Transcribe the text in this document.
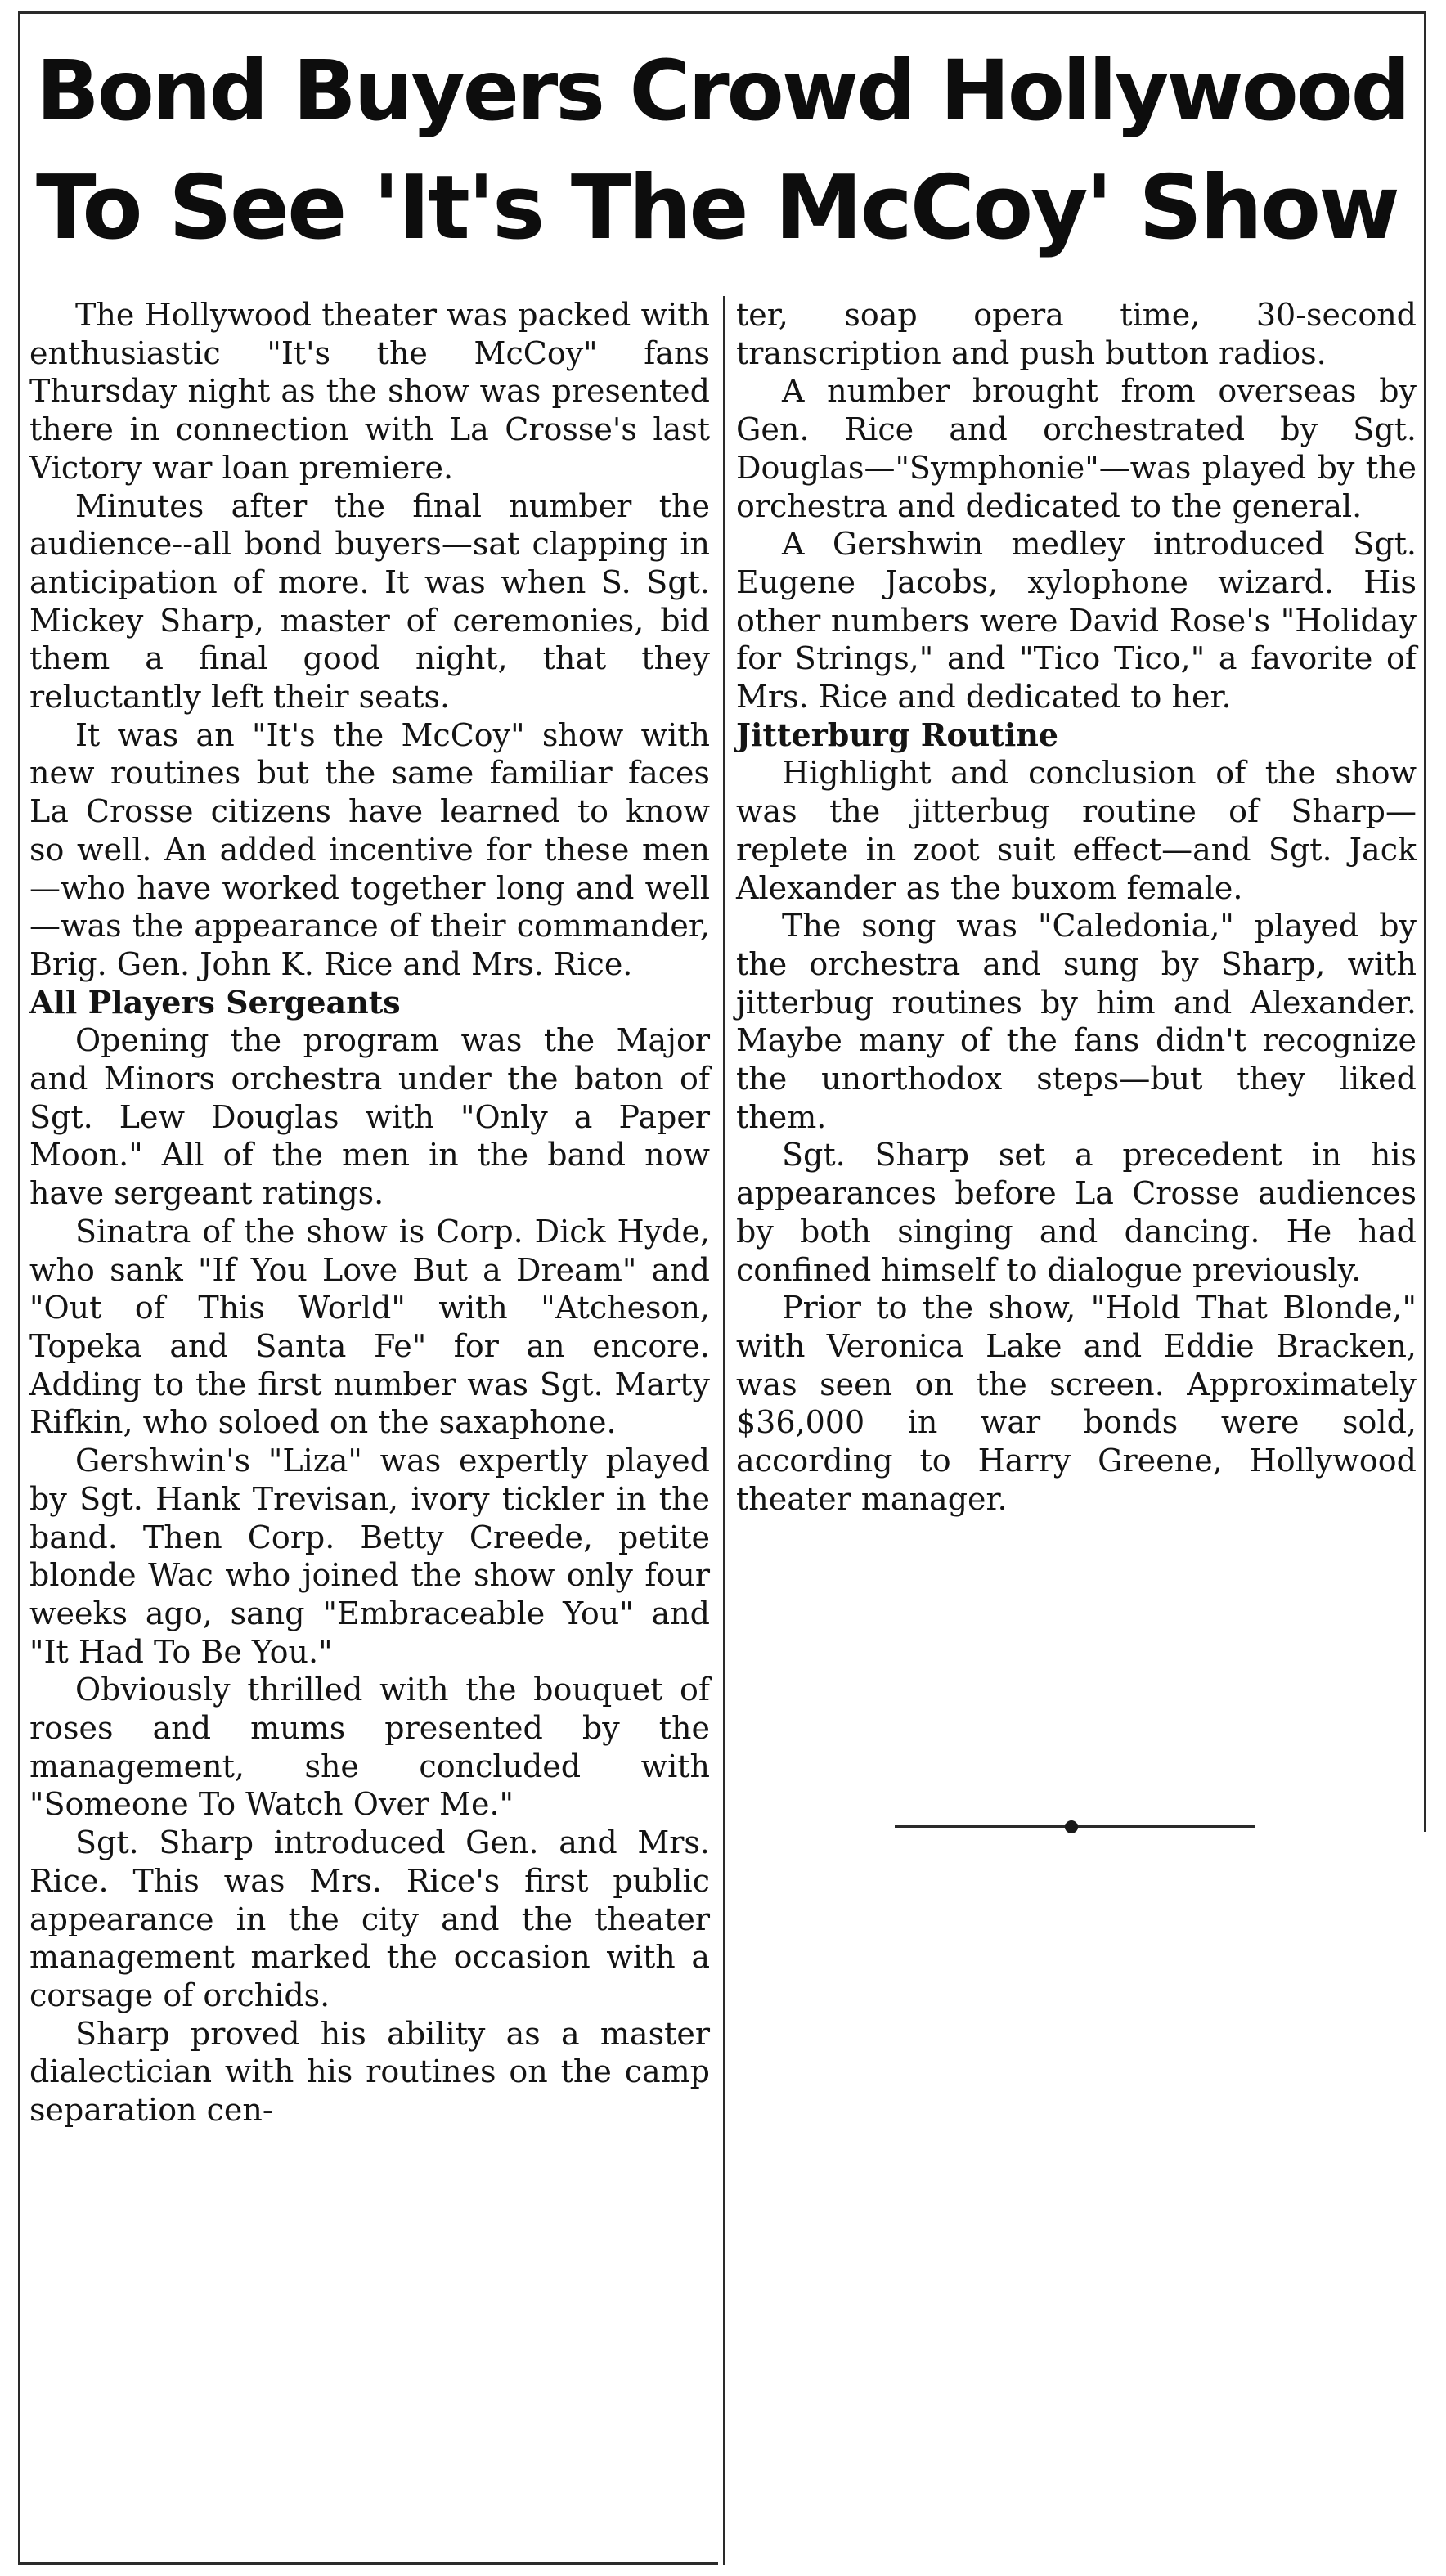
Bond Buyers Crowd Hollywood
To See 'It's The McCoy' Show

The Hollywood theater was packed with enthusiastic "It's the McCoy" fans Thursday night as the show was presented there in connection with La Crosse's last Victory war loan premiere.

Minutes after the final number the audience--all bond buyers—sat clapping in anticipation of more. It was when S. Sgt. Mickey Sharp, master of ceremonies, bid them a final good night, that they reluctantly left their seats.

It was an "It's the McCoy" show with new routines but the same familiar faces La Crosse citizens have learned to know so well. An added incentive for these men—who have worked together long and well—was the appearance of their commander, Brig. Gen. John K. Rice and Mrs. Rice.

All Players Sergeants

Opening the program was the Major and Minors orchestra under the baton of Sgt. Lew Douglas with "Only a Paper Moon." All of the men in the band now have sergeant ratings.

Sinatra of the show is Corp. Dick Hyde, who sank "If You Love But a Dream" and "Out of This World" with "Atcheson, Topeka and Santa Fe" for an encore. Adding to the first number was Sgt. Marty Rifkin, who soloed on the saxaphone.

Gershwin's "Liza" was expertly played by Sgt. Hank Trevisan, ivory tickler in the band. Then Corp. Betty Creede, petite blonde Wac who joined the show only four weeks ago, sang "Embraceable You" and "It Had To Be You."

Obviously thrilled with the bouquet of roses and mums presented by the management, she concluded with "Someone To Watch Over Me."

Sgt. Sharp introduced Gen. and Mrs. Rice. This was Mrs. Rice's first public appearance in the city and the theater management marked the occasion with a corsage of orchids.

Sharp proved his ability as a master dialectician with his routines on the camp separation cen-

ter, soap opera time, 30-second transcription and push button radios.

A number brought from overseas by Gen. Rice and orchestrated by Sgt. Douglas—"Symphonie"—was played by the orchestra and dedicated to the general.

A Gershwin medley introduced Sgt. Eugene Jacobs, xylophone wizard. His other numbers were David Rose's "Holiday for Strings," and "Tico Tico," a favorite of Mrs. Rice and dedicated to her.

Jitterburg Routine

Highlight and conclusion of the show was the jitterbug routine of Sharp—replete in zoot suit effect—and Sgt. Jack Alexander as the buxom female.

The song was "Caledonia," played by the orchestra and sung by Sharp, with jitterbug routines by him and Alexander. Maybe many of the fans didn't recognize the unorthodox steps—but they liked them.

Sgt. Sharp set a precedent in his appearances before La Crosse audiences by both singing and dancing. He had confined himself to dialogue previously.

Prior to the show, "Hold That Blonde," with Veronica Lake and Eddie Bracken, was seen on the screen. Approximately $36,000 in war bonds were sold, according to Harry Greene, Hollywood theater manager.
